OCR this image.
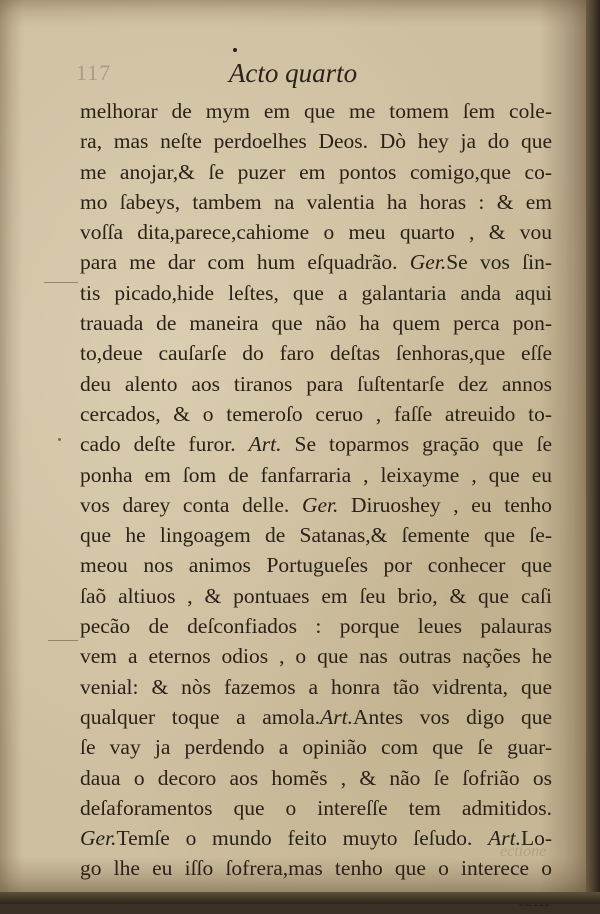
117	Acto quarto
melhorar de mym em que me tomem ſem cole-
ra, mas neſte perdoelhes Deos. Dò hey ja do que
me anojar,& ſe puzer em pontos comigo,que co-
mo ſabeys, tambem na valentia ha horas : & em
voſſa dita,parece,cahiome o meu quarto , & vou
para me dar com hum eſquadrão. Ger.Se vos ſin-
tis picado,hide leſtes, que a galantaria anda aqui
trauada de maneira que não ha quem perca pon-
to,deue cauſarſe do faro deſtas ſenhoras,que eſſe
deu alento aos tiranos para ſuſtentarſe dez annos
cercados, & o temeroſo ceruo , faſſe atreuido to-
cado deſte furor. Art. Se toparmos graçāo que ſe
ponha em ſom de fanfarraria , leixayme , que eu
vos darey conta delle. Ger. Diruoshey , eu tenho
que he lingoagem de Satanas,& ſemente que ſe-
meou nos animos Portugueſes por conhecer que
ſaõ altiuos , & pontuaes em ſeu brio, & que caſi
pecão de deſconfiados : porque leues palauras
vem a eternos odios , o que nas outras nações he
venial: & nòs fazemos a honra tão vidrenta, que
qualquer toque a amola.Art.Antes vos digo que
ſe vay ja perdendo a opinião com que ſe guar-
daua o decoro aos homẽs , & não ſe ſofrião os
deſaforamentos que o intereſſe tem admitidos.
Ger.Temſe o mundo feito muyto ſeſudo. Art.Lo-
go lhe eu iſſo ſofrera,mas tenho que o interece o
ectione
